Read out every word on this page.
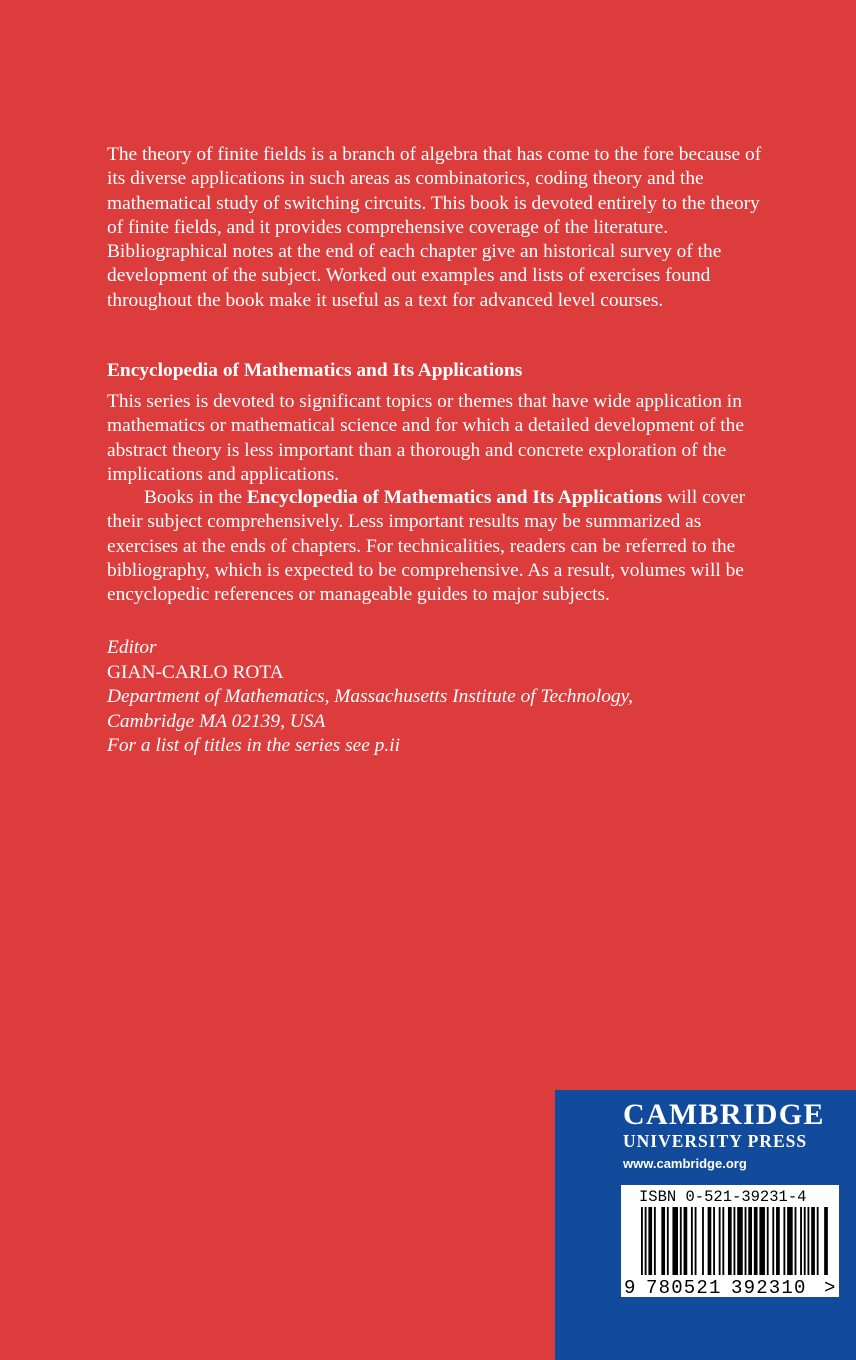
The theory of finite fields is a branch of algebra that has come to the fore because of its diverse applications in such areas as combinatorics, coding theory and the mathematical study of switching circuits. This book is devoted entirely to the theory of finite fields, and it provides comprehensive coverage of the literature. Bibliographical notes at the end of each chapter give an historical survey of the development of the subject. Worked out examples and lists of exercises found throughout the book make it useful as a text for advanced level courses.

Encyclopedia of Mathematics and Its Applications

This series is devoted to significant topics or themes that have wide application in mathematics or mathematical science and for which a detailed development of the abstract theory is less important than a thorough and concrete exploration of the implications and applications.

Books in the Encyclopedia of Mathematics and Its Applications will cover their subject comprehensively. Less important results may be summarized as exercises at the ends of chapters. For technicalities, readers can be referred to the bibliography, which is expected to be comprehensive. As a result, volumes will be encyclopedic references or manageable guides to major subjects.

Editor
GIAN-CARLO ROTA
Department of Mathematics, Massachusetts Institute of Technology,
Cambridge MA 02139, USA
For a list of titles in the series see p.ii
CAMBRIDGE
UNIVERSITY PRESS
www.cambridge.org
ISBN 0-521-39231-4
9 780521 392310 >
